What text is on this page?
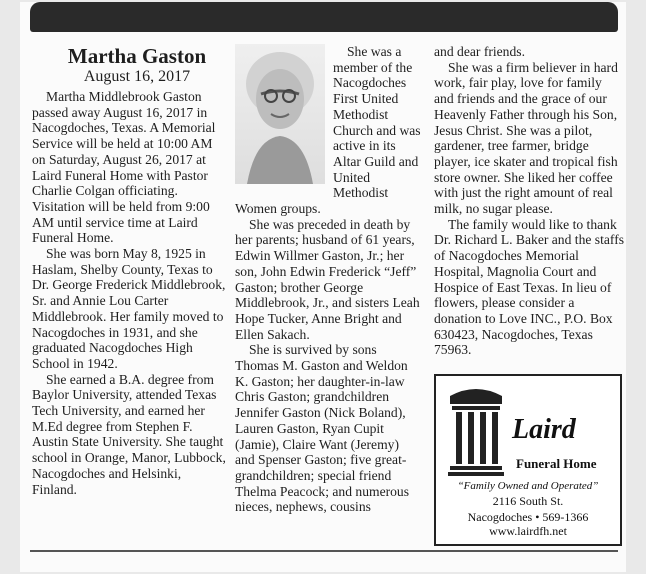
Martha Gaston

August 16, 2017

Martha Middlebrook Gaston passed away August 16, 2017 in Nacogdoches, Texas. A Memorial Service will be held at 10:00 AM on Saturday, August 26, 2017 at Laird Funeral Home with Pastor Charlie Colgan officiating. Visitation will be held from 9:00 AM until service time at Laird Funeral Home.

She was born May 8, 1925 in Haslam, Shelby County, Texas to Dr. George Frederick Middlebrook, Sr. and Annie Lou Carter Middlebrook. Her family moved to Nacogdoches in 1931, and she graduated Nacogdoches High School in 1942.

She earned a B.A. degree from Baylor University, attended Texas Tech University, and earned her M.Ed degree from Stephen F. Austin State University. She taught school in Orange, Manor, Lubbock, Nacogdoches and Helsinki, Finland.

She was a member of the Nacogdoches First United Methodist Church and was active in its Altar Guild and United Methodist Women groups.

She was preceded in death by her parents; husband of 61 years, Edwin Willmer Gaston, Jr.; her son, John Edwin Frederick “Jeff” Gaston; brother George Middlebrook, Jr., and sisters Leah Hope Tucker, Anne Bright and Ellen Sakach.

She is survived by sons Thomas M. Gaston and Weldon K. Gaston; her daughter-in-law Chris Gaston; grandchildren Jennifer Gaston (Nick Boland), Lauren Gaston, Ryan Cupit (Jamie), Claire Want (Jeremy) and Spenser Gaston; five great-grandchildren; special friend Thelma Peacock; and numerous nieces, nephews, cousins

and dear friends.

She was a firm believer in hard work, fair play, love for family and friends and the grace of our Heavenly Father through his Son, Jesus Christ. She was a pilot, gardener, tree farmer, bridge player, ice skater and tropical fish store owner. She liked her coffee with just the right amount of real milk, no sugar please.

The family would like to thank Dr. Richard L. Baker and the staffs of Nacogdoches Memorial Hospital, Magnolia Court and Hospice of East Texas. In lieu of flowers, please consider a donation to Love INC., P.O. Box 630423, Nacogdoches, Texas 75963.

Laird
Funeral Home
“Family Owned and Operated”
2116 South St.
Nacogdoches • 569-1366
www.lairdfh.net
